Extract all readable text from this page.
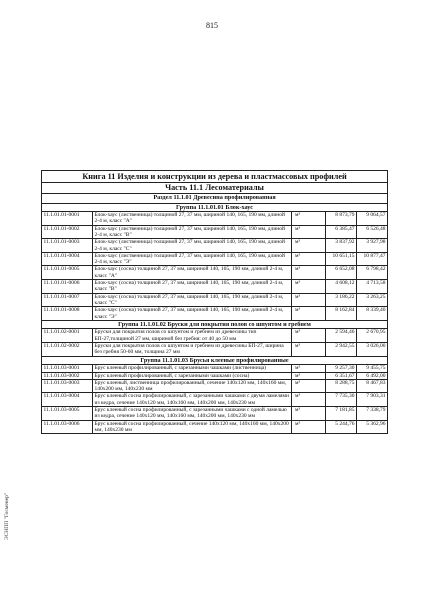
815
ЭСНПП "Госменер"
Книга 11 Изделия и конструкции из дерева и пластмассовых профилей				
Часть 11.1 Лесоматериалы				
Раздел 11.1.01 Древесина профилированная				
Группа 11.1.01.01 Блок-хаус				
11.1.01.01-0001	Блок-хаус (лиственница) толщиной 27, 37 мм, шириной 140, 165, 190 мм, длиной 2-4 м, класс "А"	м³	8 873,79	9 064,57
11.1.01.01-0002	Блок-хаус (лиственница) толщиной 27, 37 мм, шириной 140, 165, 190 мм, длиной 2-4 м, класс "В"	м³	6 385,47	6 526,48
11.1.01.01-0003	Блок-хаус (лиственница) толщиной 27, 37 мм, шириной 140, 165, 190 мм, длиной 2-4 м, класс "С"	м³	3 837,92	3 927,98
11.1.01.01-0004	Блок-хаус (лиственница) толщиной 27, 37 мм, шириной 140, 165, 190 мм, длиной 2-4 м, класс "Э"	м³	10 651,15	10 877,47
11.1.01.01-0005	Блок-хаус (сосна) толщиной 27, 37 мм, шириной 140, 165, 190 мм, длиной 2-4 м, класс "А"	м³	6 652,08	6 798,42
11.1.01.01-0006	Блок-хаус (сосна) толщиной 27, 37 мм, шириной 140, 165, 190 мм, длиной 2-4 м, класс "В"	м³	4 608,12	4 713,58
11.1.01.01-0007	Блок-хаус (сосна) толщиной 27, 37 мм, шириной 140, 165, 190 мм, длиной 2-4 м, класс "С"	м³	3 186,22	3 263,25
11.1.01.01-0008	Блок-хаус (сосна) толщиной 27, 37 мм, шириной 140, 165, 190 мм, длиной 2-4 м, класс "Э"	м³	8 162,84	8 339,40
Группа 11.1.01.02 Бруски для покрытия полов со шпунтом и гребнем				
11.1.01.02-0001	Бруски для покрытия полов со шпунтом и гребнем из древесины тип БП-27,толщиной 27 мм, шириной без гребня: от 40 до 50 мм	м³	2 594,46	2 670,95
11.1.01.02-0002	Бруски для покрытия полов со шпунтом и гребнем из древесины БП-27, ширина без гребня 50-60 мм, толщина 27 мм	м³	2 942,55	3 026,00
Группа 11.1.01.03 Брусья клееные профилированные				
11.1.01.03-0001	Брус клееный профилированный, с зарезанными чашками (лиственница)	м³	9 257,30	9 455,75
11.1.01.03-0002	Брус клееный профилированный, с зарезанными чашками (сосна)	м³	6 351,67	6 492,00
11.1.01.03-0003	Брус клееный, лиственница профилированный, сечение 140х120 мм, 140х160 мм, 140х200 мм, 140х230 мм	м³	8 288,75	8 467,83
11.1.01.03-0004	Брус клееный сосна профилированный, с зарезанными чашками с двумя ламелями из кедра, сечение 140х120 мм, 140х160 мм, 140х200 мм, 140х230 мм	м³	7 735,30	7 903,31
11.1.01.03-0005	Брус клееный сосна профилированный, с зарезанными чашками с одной ламелью из кедра, сечение 140х120 мм, 140х160 мм, 140х200 мм, 140х230 мм	м³	7 181,85	7 338,79
11.1.01.03-0006	Брус клееный сосна профилированный, сечение 140х120 мм, 140х160 мм, 140х200 мм, 140х230 мм	м³	5 244,76	5 362,96
